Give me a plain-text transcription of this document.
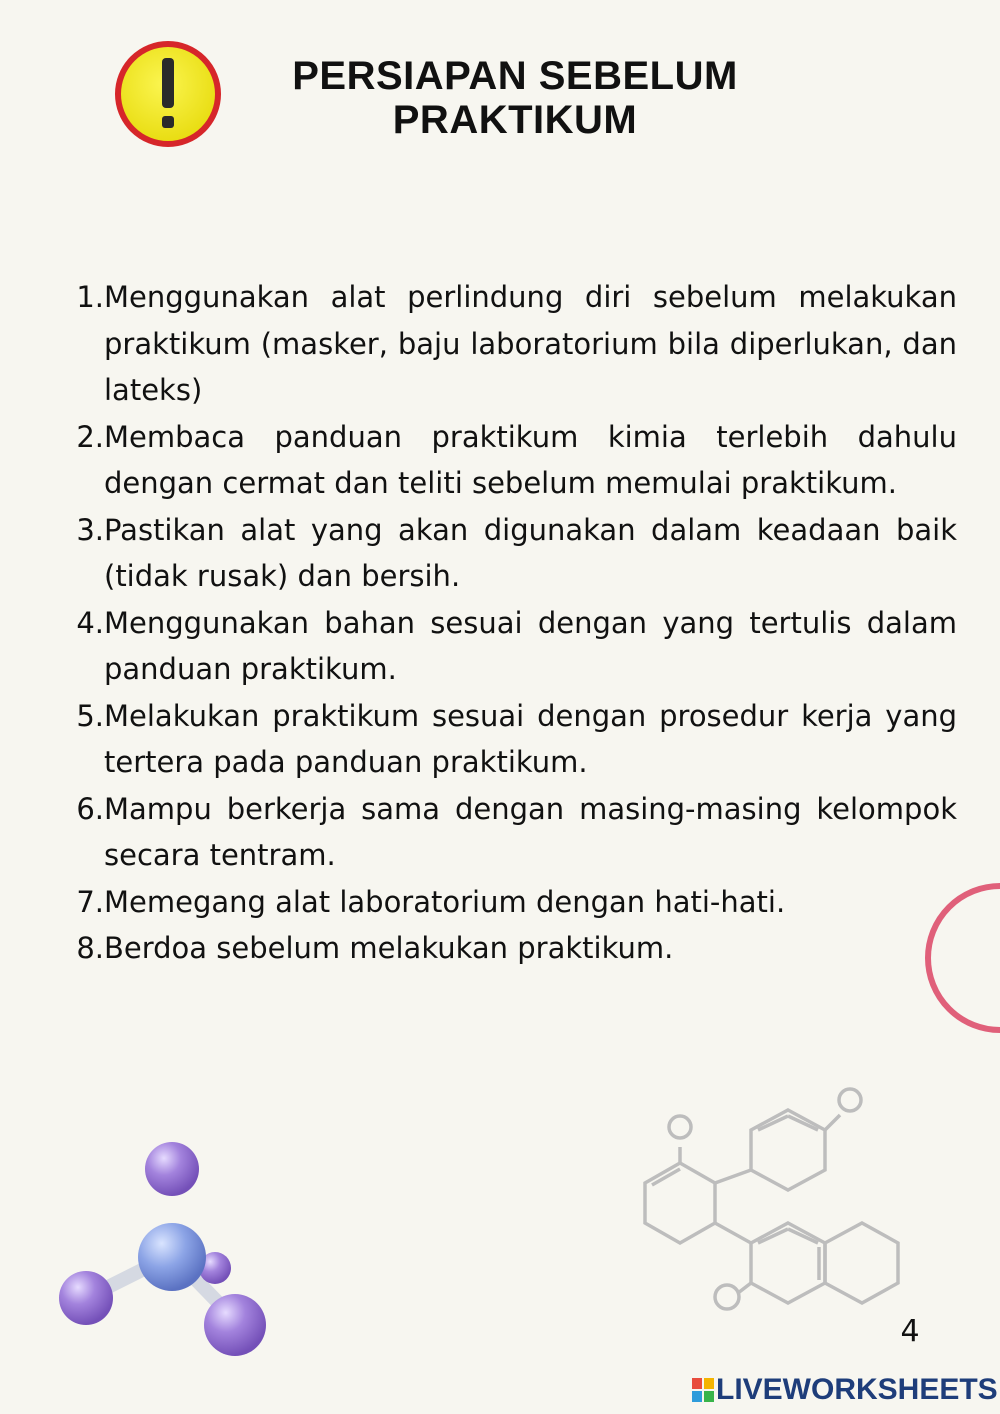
PERSIAPAN SEBELUM
PRAKTIKUM
1. Menggunakan alat perlindung diri sebelum melakukan praktikum (masker, baju laboratorium bila diperlukan, dan lateks)
2. Membaca panduan praktikum kimia terlebih dahulu dengan cermat dan teliti sebelum memulai praktikum.
3. Pastikan alat yang akan digunakan dalam keadaan baik (tidak rusak) dan bersih.
4. Menggunakan bahan sesuai dengan yang tertulis dalam panduan praktikum.
5. Melakukan praktikum sesuai dengan prosedur kerja yang tertera pada panduan praktikum.
6. Mampu berkerja sama dengan masing-masing kelompok secara tentram.
7. Memegang alat laboratorium dengan hati-hati.
8. Berdoa sebelum melakukan praktikum.
4
LIVEWORKSHEETS
